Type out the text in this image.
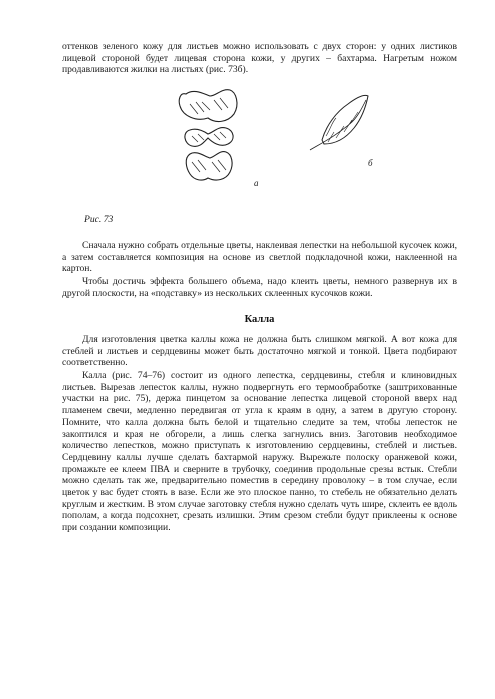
оттенков зеленого кожу для листьев можно использовать с двух сторон: у одних листиков лицевой стороной будет лицевая сторона кожи, у других – бахтарма. Нагретым ножом продавливаются жилки на листьях (рис. 73б).

а
б

Рис. 73

Сначала нужно собрать отдельные цветы, наклеивая лепестки на небольшой кусочек кожи, а затем составляется композиция на основе из светлой подкладочной кожи, наклеенной на картон.

Чтобы достичь эффекта большего объема, надо клеить цветы, немного развернув их в другой плоскости, на «подставку» из нескольких склеенных кусочков кожи.

Калла

Для изготовления цветка каллы кожа не должна быть слишком мягкой. А вот кожа для стеблей и листьев и сердцевины может быть достаточно мягкой и тонкой. Цвета подбирают соответственно.

Калла (рис. 74–76) состоит из одного лепестка, сердцевины, стебля и клиновидных листьев. Вырезав лепесток каллы, нужно подвергнуть его термообработке (заштрихованные участки на рис. 75), держа пинцетом за основание лепестка лицевой стороной вверх над пламенем свечи, медленно передвигая от угла к краям в одну, а затем в другую сторону. Помните, что калла должна быть белой и тщательно следите за тем, чтобы лепесток не закоптился и края не обгорели, а лишь слегка загнулись вниз. Заготовив необходимое количество лепестков, можно приступать к изготовлению сердцевины, стеблей и листьев. Сердцевину каллы лучше сделать бахтармой наружу. Вырежьте полоску оранжевой кожи, промажьте ее клеем ПВА и сверните в трубочку, соединив продольные срезы встык. Стебли можно сделать так же, предварительно поместив в середину проволоку – в том случае, если цветок у вас будет стоять в вазе. Если же это плоское панно, то стебель не обязательно делать круглым и жестким. В этом случае заготовку стебля нужно сделать чуть шире, склеить ее вдоль пополам, а когда подсохнет, срезать излишки. Этим срезом стебли будут приклеены к основе при создании композиции.
